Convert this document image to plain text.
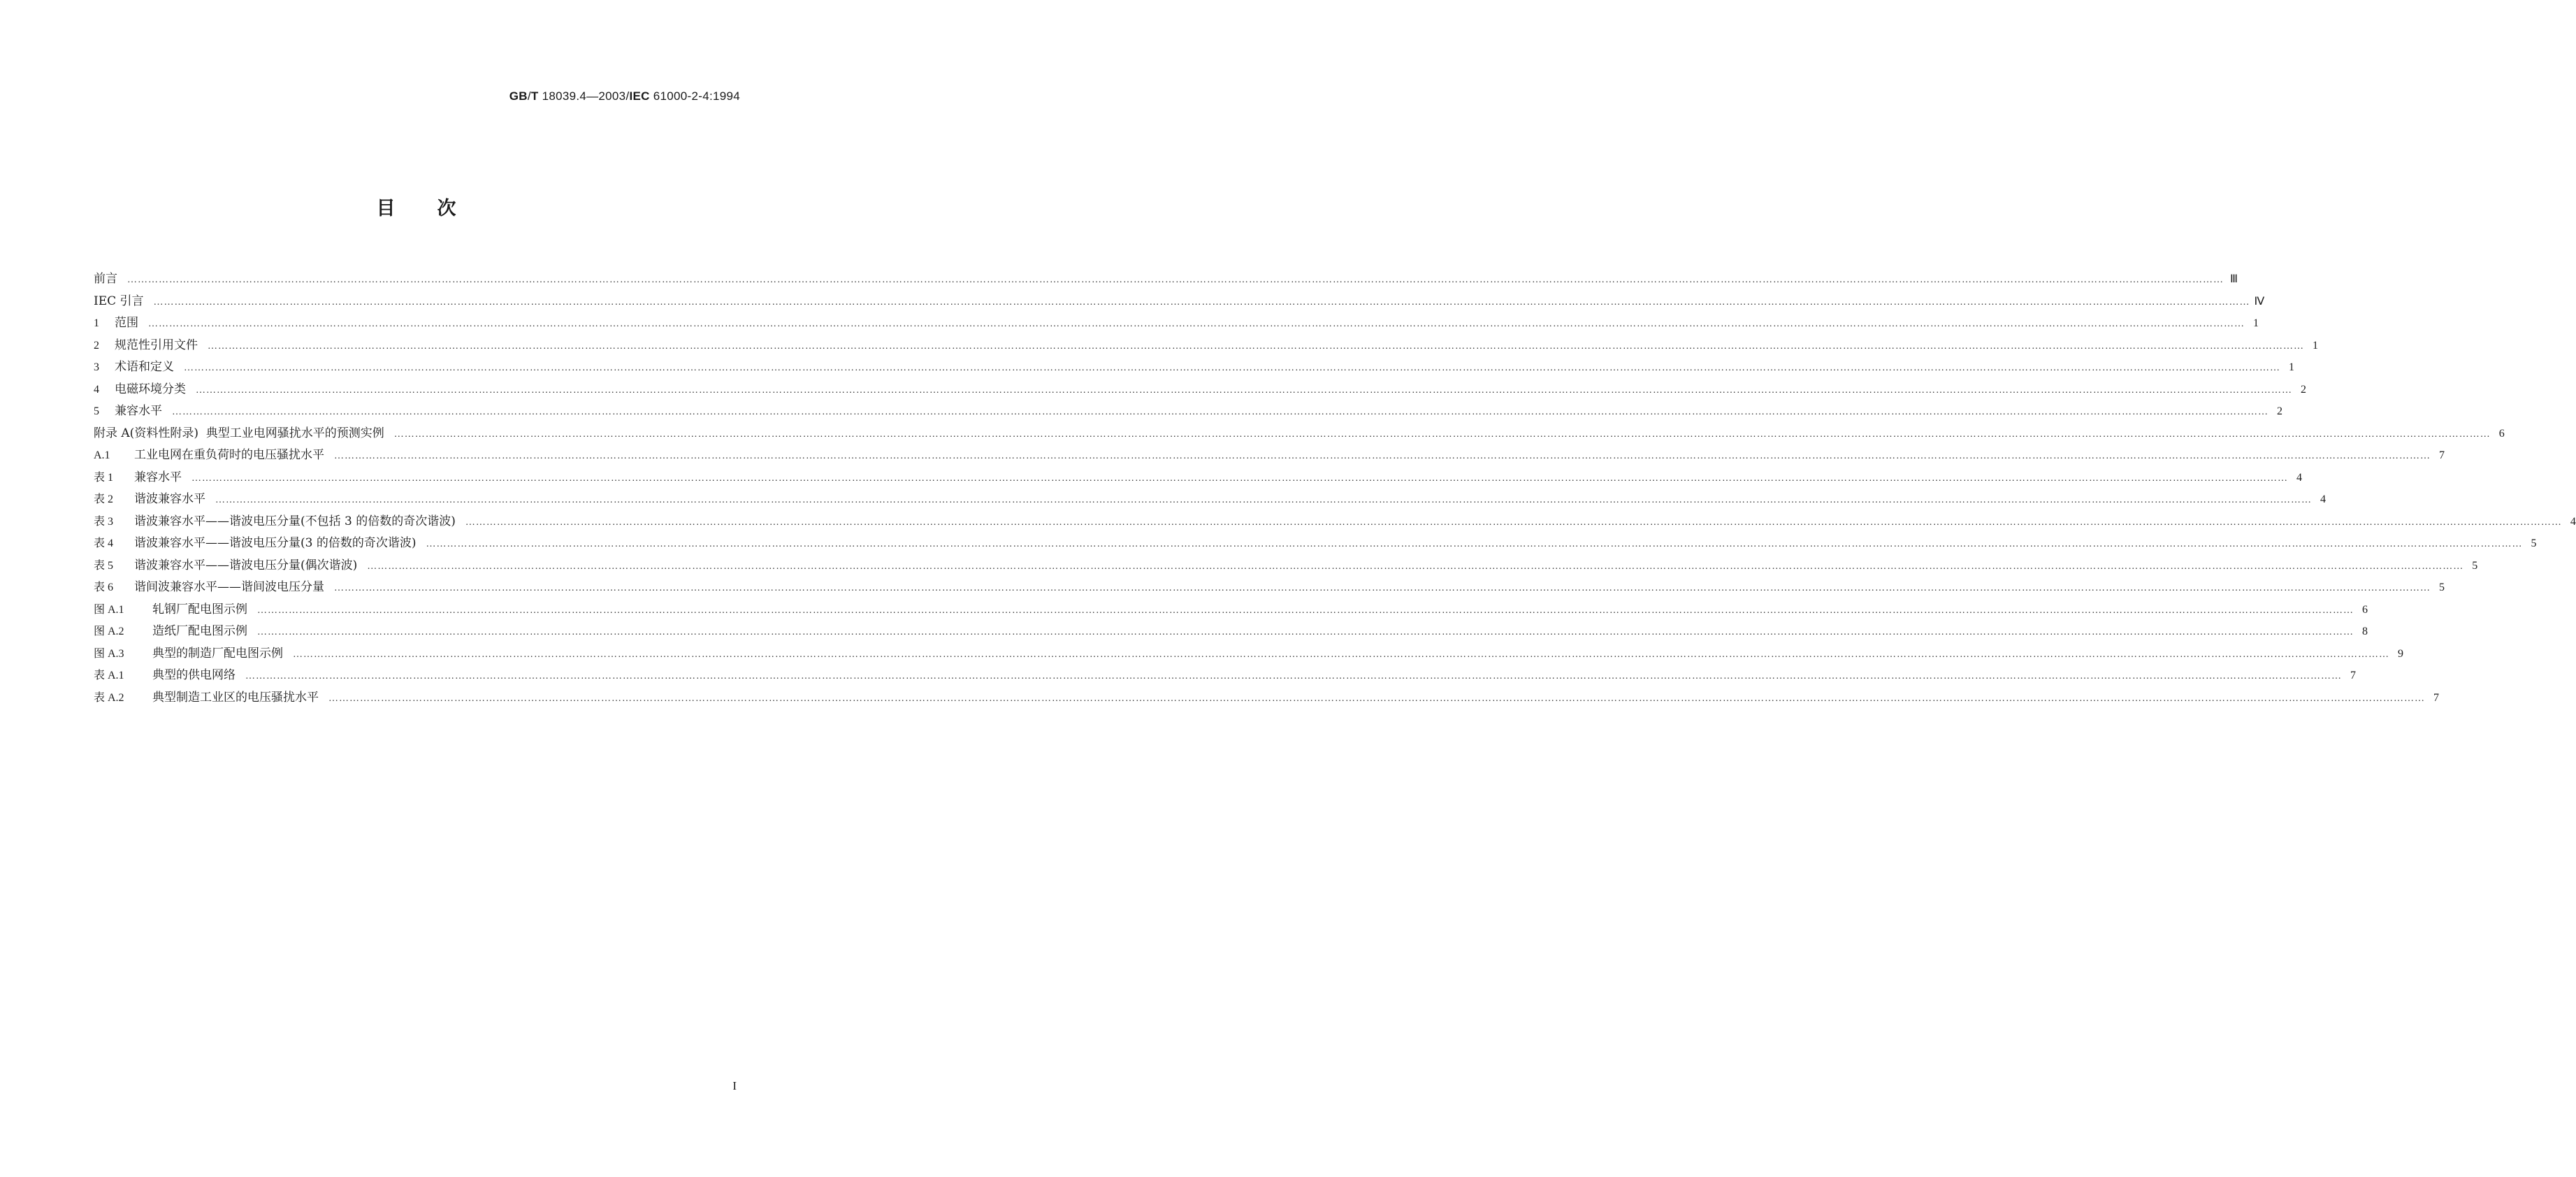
GB/T 18039.4—2003/IEC 61000-2-4:1994
目次
前言 …………………………………………………………………………………………………………………………………………………………………………………………………………………………………………………………………………………………………………………………………………………………………………………………………………………………………………………………………………………………………………………………………………………… Ⅲ
IEC 引言 …………………………………………………………………………………………………………………………………………………………………………………………………………………………………………………………………………………………………………………………………………………………………………………………………………………………………………………………………………………………………………………………………………………… Ⅳ
1 范围 …………………………………………………………………………………………………………………………………………………………………………………………………………………………………………………………………………………………………………………………………………………………………………………………………………………………………………………………………………………………………………………………………………………… 1
2 规范性引用文件 …………………………………………………………………………………………………………………………………………………………………………………………………………………………………………………………………………………………………………………………………………………………………………………………………………………………………………………………………………………………………………………………………………………… 1
3 术语和定义 …………………………………………………………………………………………………………………………………………………………………………………………………………………………………………………………………………………………………………………………………………………………………………………………………………………………………………………………………………………………………………………………………………………… 1
4 电磁环境分类 …………………………………………………………………………………………………………………………………………………………………………………………………………………………………………………………………………………………………………………………………………………………………………………………………………………………………………………………………………………………………………………………………………………… 2
5 兼容水平 …………………………………………………………………………………………………………………………………………………………………………………………………………………………………………………………………………………………………………………………………………………………………………………………………………………………………………………………………………………………………………………………………………………… 2
附录 A(资料性附录)  典型工业电网骚扰水平的预测实例 …………………………………………………………………………………………………………………………………………………………………………………………………………………………………………………………………………………………………………………………………………………………………………………………………………………………………………………………………………………………………………………………………………………… 6
A.1 工业电网在重负荷时的电压骚扰水平 …………………………………………………………………………………………………………………………………………………………………………………………………………………………………………………………………………………………………………………………………………………………………………………………………………………………………………………………………………………………………………………………………………………… 7
表 1 兼容水平 …………………………………………………………………………………………………………………………………………………………………………………………………………………………………………………………………………………………………………………………………………………………………………………………………………………………………………………………………………………………………………………………………………………… 4
表 2 谐波兼容水平 …………………………………………………………………………………………………………………………………………………………………………………………………………………………………………………………………………………………………………………………………………………………………………………………………………………………………………………………………………………………………………………………………………………… 4
表 3 谐波兼容水平——谐波电压分量(不包括 3 的倍数的奇次谐波) …………………………………………………………………………………………………………………………………………………………………………………………………………………………………………………………………………………………………………………………………………………………………………………………………………………………………………………………………………………………………………………………………………………… 4
表 4 谐波兼容水平——谐波电压分量(3 的倍数的奇次谐波) …………………………………………………………………………………………………………………………………………………………………………………………………………………………………………………………………………………………………………………………………………………………………………………………………………………………………………………………………………………………………………………………………………………… 5
表 5 谐波兼容水平——谐波电压分量(偶次谐波) …………………………………………………………………………………………………………………………………………………………………………………………………………………………………………………………………………………………………………………………………………………………………………………………………………………………………………………………………………………………………………………………………………………… 5
表 6 谐间波兼容水平——谐间波电压分量 …………………………………………………………………………………………………………………………………………………………………………………………………………………………………………………………………………………………………………………………………………………………………………………………………………………………………………………………………………………………………………………………………………………… 5
图 A.1 轧钢厂配电图示例 …………………………………………………………………………………………………………………………………………………………………………………………………………………………………………………………………………………………………………………………………………………………………………………………………………………………………………………………………………………………………………………………………………………… 6
图 A.2 造纸厂配电图示例 …………………………………………………………………………………………………………………………………………………………………………………………………………………………………………………………………………………………………………………………………………………………………………………………………………………………………………………………………………………………………………………………………………………… 8
图 A.3 典型的制造厂配电图示例 …………………………………………………………………………………………………………………………………………………………………………………………………………………………………………………………………………………………………………………………………………………………………………………………………………………………………………………………………………………………………………………………………………………… 9
表 A.1 典型的供电网络 …………………………………………………………………………………………………………………………………………………………………………………………………………………………………………………………………………………………………………………………………………………………………………………………………………………………………………………………………………………………………………………………………………………… 7
表 A.2 典型制造工业区的电压骚扰水平 …………………………………………………………………………………………………………………………………………………………………………………………………………………………………………………………………………………………………………………………………………………………………………………………………………………………………………………………………………………………………………………………………………………… 7
I
